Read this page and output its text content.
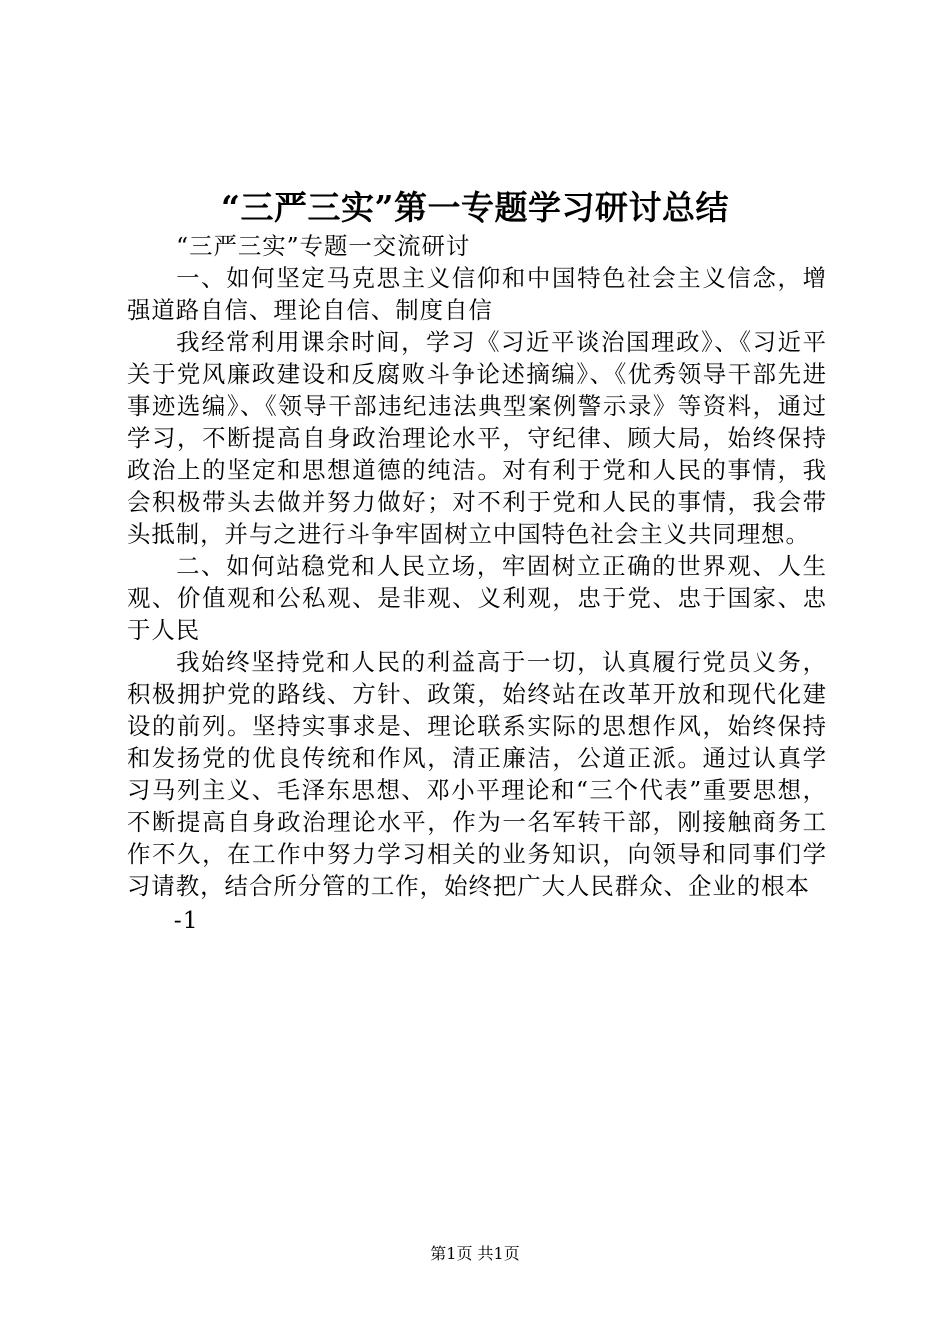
“三严三实”第一专题学习研讨总结

“三严三实”专题一交流研讨

一、如何坚定马克思主义信仰和中国特色社会主义信念，增强道路自信、理论自信、制度自信

我经常利用课余时间，学习《习近平谈治国理政》、《习近平关于党风廉政建设和反腐败斗争论述摘编》、《优秀领导干部先进事迹选编》、《领导干部违纪违法典型案例警示录》等资料，通过学习，不断提高自身政治理论水平，守纪律、顾大局，始终保持政治上的坚定和思想道德的纯洁。对有利于党和人民的事情，我会积极带头去做并努力做好；对不利于党和人民的事情，我会带头抵制，并与之进行斗争牢固树立中国特色社会主义共同理想。

二、如何站稳党和人民立场，牢固树立正确的世界观、人生观、价值观和公私观、是非观、义利观，忠于党、忠于国家、忠于人民

我始终坚持党和人民的利益高于一切，认真履行党员义务，积极拥护党的路线、方针、政策，始终站在改革开放和现代化建设的前列。坚持实事求是、理论联系实际的思想作风，始终保持和发扬党的优良传统和作风，清正廉洁，公道正派。通过认真学习马列主义、毛泽东思想、邓小平理论和“三个代表”重要思想，不断提高自身政治理论水平，作为一名军转干部，刚接触商务工作不久，在工作中努力学习相关的业务知识，向领导和同事们学习请教，结合所分管的工作，始终把广大人民群众、企业的根本

-1

第1页 共1页
